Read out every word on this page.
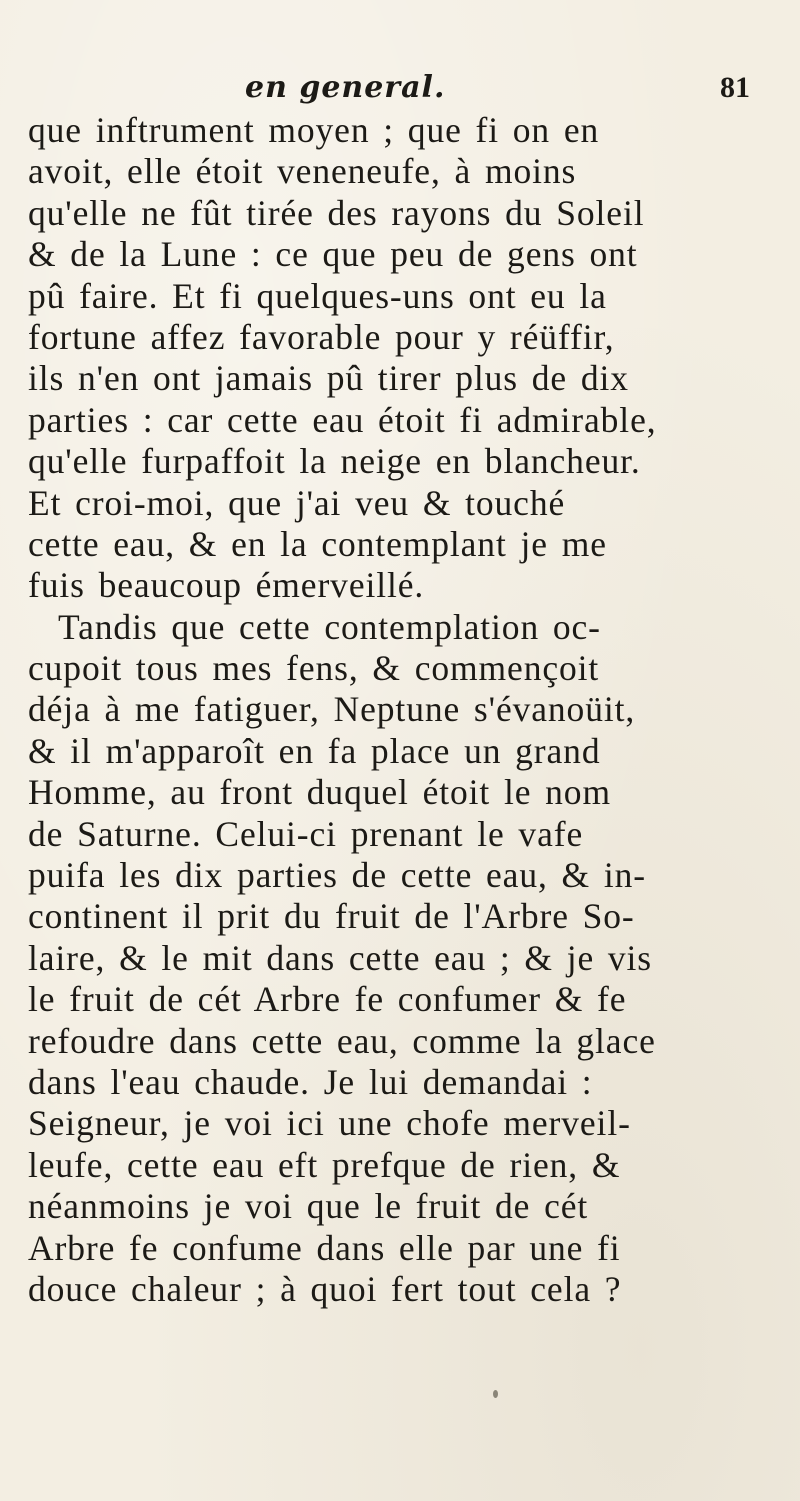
en general.	81
que inftrument moyen ; que fi on en
avoit, elle étoit veneneufe, à moins
qu'elle ne fût tirée des rayons du Soleil
& de la Lune : ce que peu de gens ont
pû faire. Et fi quelques-uns ont eu la
fortune affez favorable pour y réüffir,
ils n'en ont jamais pû tirer plus de dix
parties : car cette eau étoit fi admirable,
qu'elle furpaffoit la neige en blancheur.
Et croi-moi, que j'ai veu & touché
cette eau, & en la contemplant je me
fuis beaucoup émerveillé.
Tandis que cette contemplation oc-
cupoit tous mes fens, & commençoit
déja à me fatiguer, Neptune s'évanoüit,
& il m'apparoît en fa place un grand
Homme, au front duquel étoit le nom
de Saturne. Celui-ci prenant le vafe
puifa les dix parties de cette eau, & in-
continent il prit du fruit de l'Arbre So-
laire, & le mit dans cette eau ; & je vis
le fruit de cét Arbre fe confumer & fe
refoudre dans cette eau, comme la glace
dans l'eau chaude. Je lui demandai :
Seigneur, je voi ici une chofe merveil-
leufe, cette eau eft prefque de rien, &
néanmoins je voi que le fruit de cét
Arbre fe confume dans elle par une fi
douce chaleur ; à quoi fert tout cela ?
